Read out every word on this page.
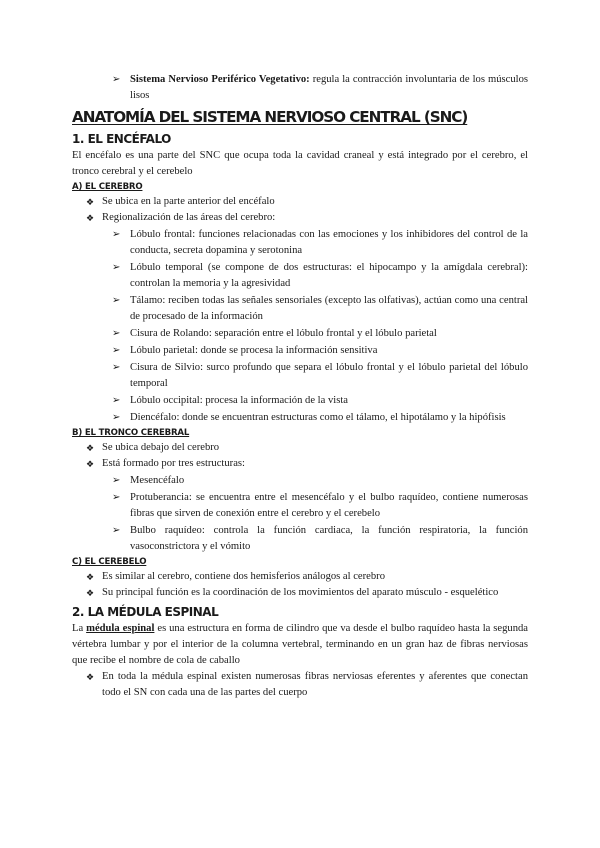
➢ Sistema Nervioso Periférico Vegetativo: regula la contracción involuntaria de los músculos lisos
ANATOMÍA DEL SISTEMA NERVIOSO CENTRAL (SNC)
1. EL ENCÉFALO

El encéfalo es una parte del SNC que ocupa toda la cavidad craneal y está integrado por el cerebro, el tronco cerebral y el cerebelo

A) EL CEREBRO
❖ Se ubica en la parte anterior del encéfalo
❖ Regionalización de las áreas del cerebro:
➢ Lóbulo frontal: funciones relacionadas con las emociones y los inhibidores del control de la conducta, secreta dopamina y serotonina
➢ Lóbulo temporal (se compone de dos estructuras: el hipocampo y la amígdala cerebral): controlan la memoria y la agresividad
➢ Tálamo: reciben todas las señales sensoriales (excepto las olfativas), actúan como una central de procesado de la información
➢ Cisura de Rolando: separación entre el lóbulo frontal y el lóbulo parietal
➢ Lóbulo parietal: donde se procesa la información sensitiva
➢ Cisura de Silvio: surco profundo que separa el lóbulo frontal y el lóbulo parietal del lóbulo temporal
➢ Lóbulo occipital: procesa la información de la vista
➢ Diencéfalo: donde se encuentran estructuras como el tálamo, el hipotálamo y la hipófisis
B) EL TRONCO CEREBRAL
❖ Se ubica debajo del cerebro
❖ Está formado por tres estructuras:
➢ Mesencéfalo
➢ Protuberancia: se encuentra entre el mesencéfalo y el bulbo raquídeo, contiene numerosas fibras que sirven de conexión entre el cerebro y el cerebelo
➢ Bulbo raquídeo: controla la función cardiaca, la función respiratoria, la función vasoconstrictora y el vómito
C) EL CEREBELO
❖ Es similar al cerebro, contiene dos hemisferios análogos al cerebro
❖ Su principal función es la coordinación de los movimientos del aparato músculo - esquelético
2. LA MÉDULA ESPINAL

La médula espinal es una estructura en forma de cilindro que va desde el bulbo raquídeo hasta la segunda vértebra lumbar y por el interior de la columna vertebral, terminando en un gran haz de fibras nerviosas que recibe el nombre de cola de caballo

❖ En toda la médula espinal existen numerosas fibras nerviosas eferentes y aferentes que conectan todo el SN con cada una de las partes del cuerpo
